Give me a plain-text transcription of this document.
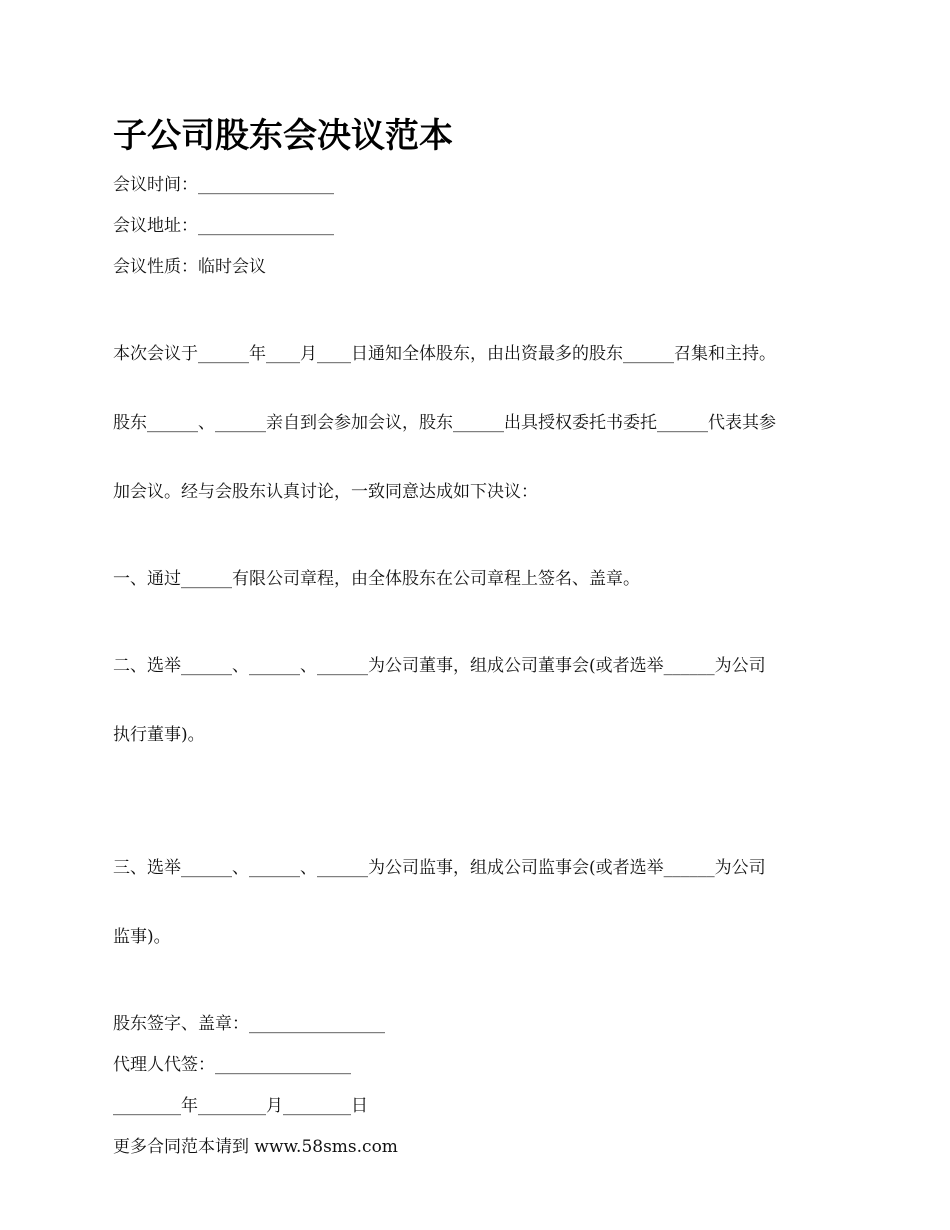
子公司股东会决议范本
会议时间：________________
会议地址：________________
会议性质：临时会议

本次会议于______年____月____日通知全体股东，由出资最多的股东______召集和主持。

股东______、______亲自到会参加会议，股东______出具授权委托书委托______代表其参

加会议。经与会股东认真讨论，一致同意达成如下决议：

一、通过______有限公司章程，由全体股东在公司章程上签名、盖章。

二、选举______、______、______为公司董事，组成公司董事会(或者选举______为公司

执行董事)。

三、选举______、______、______为公司监事，组成公司监事会(或者选举______为公司

监事)。

股东签字、盖章：________________
代理人代签：________________
________年________月________日
更多合同范本请到 www.58sms.com
